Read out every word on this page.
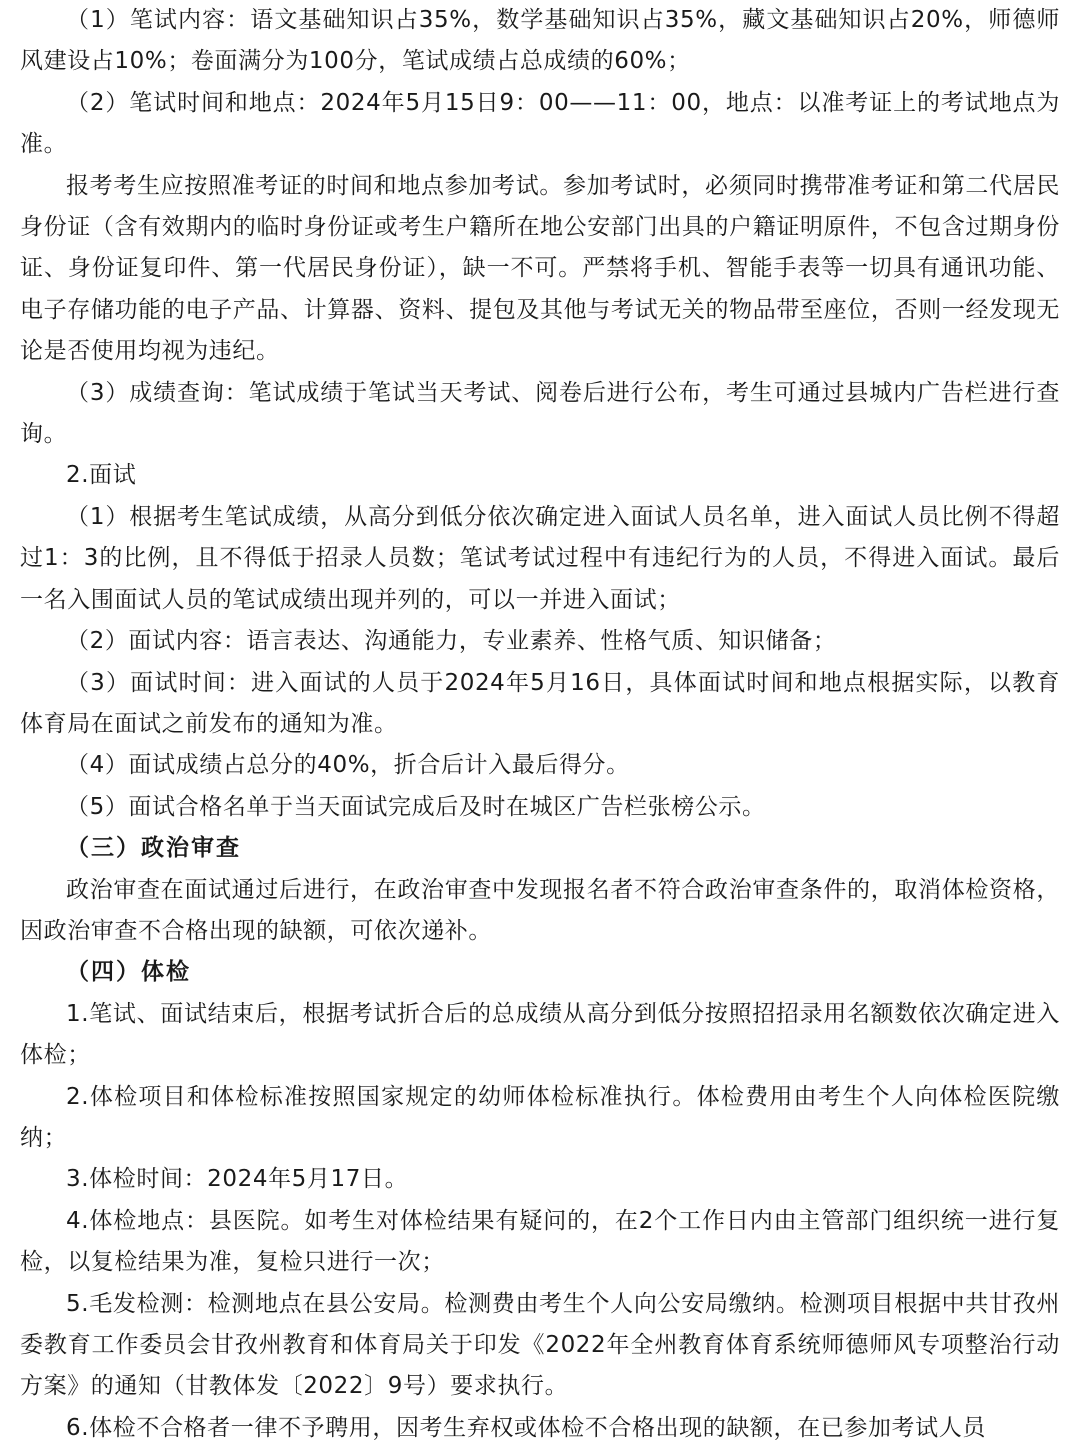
（1）笔试内容：语文基础知识占35%，数学基础知识占35%，藏文基础知识占20%，师德师风建设占10%；卷面满分为100分，笔试成绩占总成绩的60%；

（2）笔试时间和地点：2024年5月15日9：00——11：00，地点：以准考证上的考试地点为准。

报考考生应按照准考证的时间和地点参加考试。参加考试时，必须同时携带准考证和第二代居民身份证（含有效期内的临时身份证或考生户籍所在地公安部门出具的户籍证明原件，不包含过期身份证、身份证复印件、第一代居民身份证），缺一不可。严禁将手机、智能手表等一切具有通讯功能、电子存储功能的电子产品、计算器、资料、提包及其他与考试无关的物品带至座位，否则一经发现无论是否使用均视为违纪。

（3）成绩查询：笔试成绩于笔试当天考试、阅卷后进行公布，考生可通过县城内广告栏进行查询。

2.面试

（1）根据考生笔试成绩，从高分到低分依次确定进入面试人员名单，进入面试人员比例不得超过1：3的比例，且不得低于招录人员数；笔试考试过程中有违纪行为的人员，不得进入面试。最后一名入围面试人员的笔试成绩出现并列的，可以一并进入面试；

（2）面试内容：语言表达、沟通能力，专业素养、性格气质、知识储备；

（3）面试时间：进入面试的人员于2024年5月16日，具体面试时间和地点根据实际，以教育体育局在面试之前发布的通知为准。

（4）面试成绩占总分的40%，折合后计入最后得分。

（5）面试合格名单于当天面试完成后及时在城区广告栏张榜公示。

（三）政治审查

政治审查在面试通过后进行，在政治审查中发现报名者不符合政治审查条件的，取消体检资格，因政治审查不合格出现的缺额，可依次递补。

（四）体检

1.笔试、面试结束后，根据考试折合后的总成绩从高分到低分按照招招录用名额数依次确定进入体检；

2.体检项目和体检标准按照国家规定的幼师体检标准执行。体检费用由考生个人向体检医院缴纳；

3.体检时间：2024年5月17日。

4.体检地点：县医院。如考生对体检结果有疑问的，在2个工作日内由主管部门组织统一进行复检，以复检结果为准，复检只进行一次；

5.毛发检测：检测地点在县公安局。检测费由考生个人向公安局缴纳。检测项目根据中共甘孜州委教育工作委员会甘孜州教育和体育局关于印发《2022年全州教育体育系统师德师风专项整治行动方案》的通知（甘教体发〔2022〕9号）要求执行。

6.体检不合格者一律不予聘用，因考生弃权或体检不合格出现的缺额，在已参加考试人员
